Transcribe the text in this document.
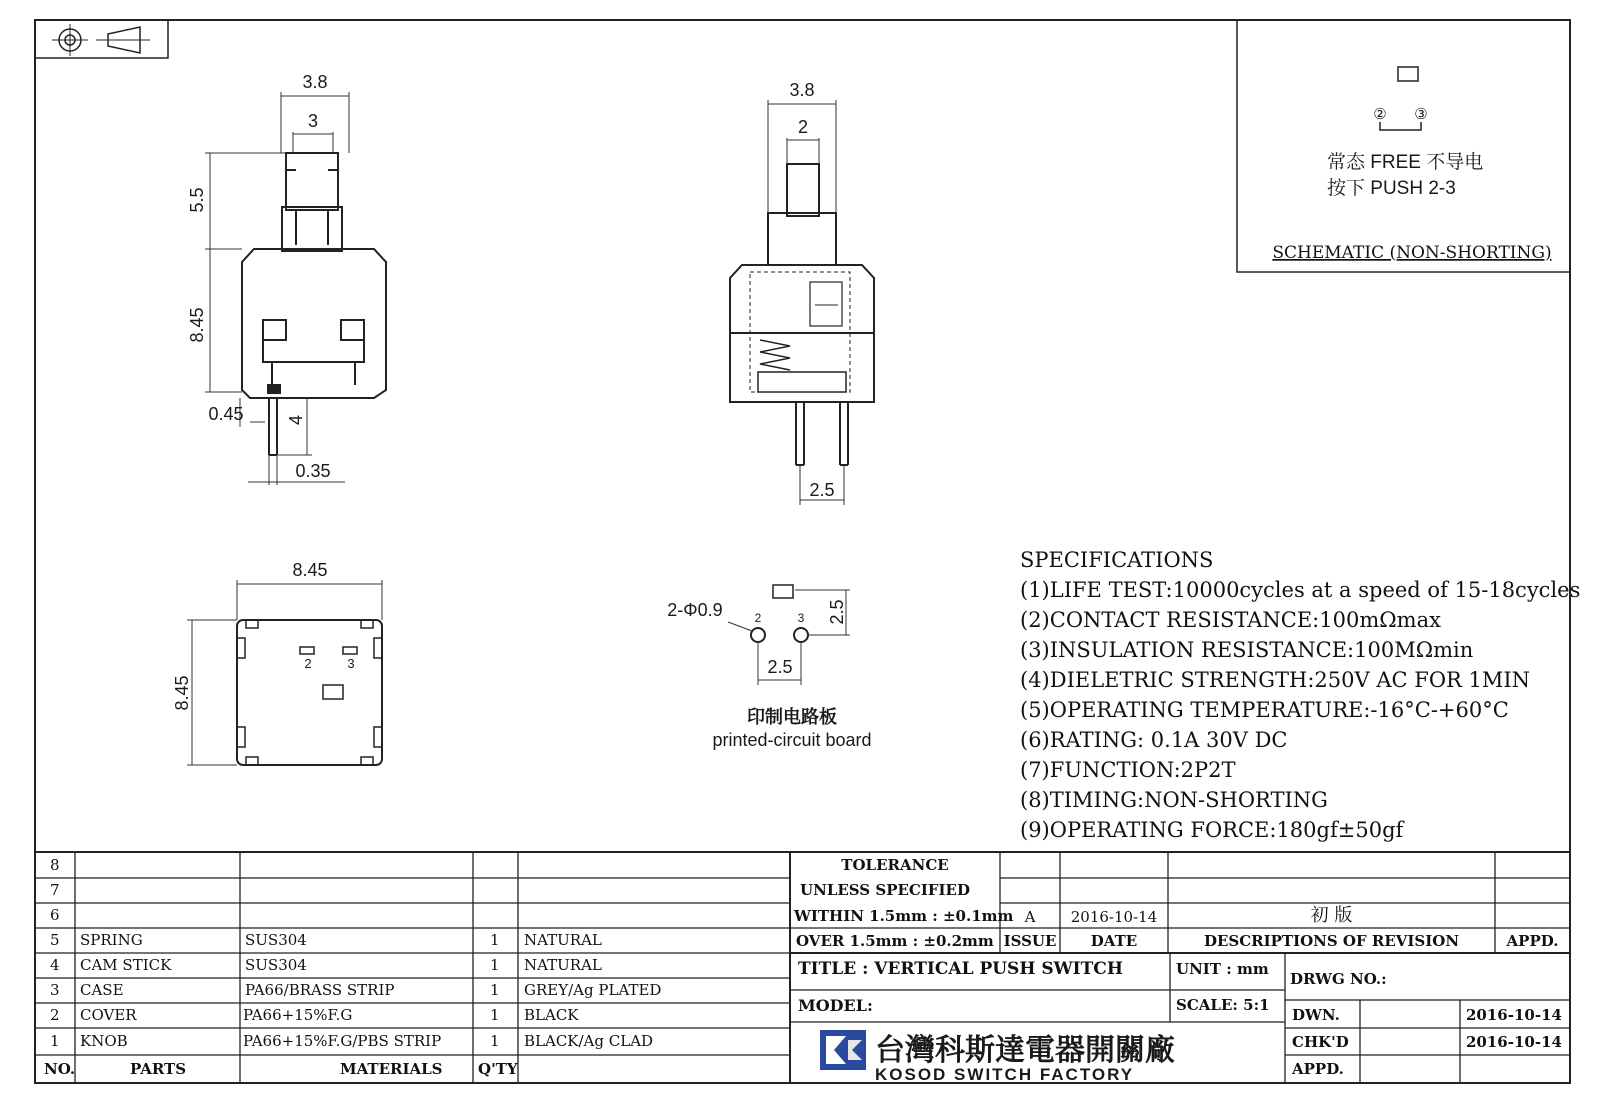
3.8
3
5.5
8.45
0.45 4
0.35
3.8
2
2.5
8.45
8.45
2	3
2-Φ0.9	2	3 2.5
2.5
印制电路板
printed-circuit board
② ③
常态 FREE 不导电
按下 PUSH 2-3
SCHEMATIC (NON-SHORTING)
台灣科斯達電器開關廠
KOSOD SWITCH FACTORY
SPECIFICATIONS
(1)LIFE TEST:10000cycles at a speed of 15-18cycles
(2)CONTACT RESISTANCE:100mΩmax
(3)INSULATION RESISTANCE:100MΩmin
(4)DIELETRIC STRENGTH:250V AC FOR 1MIN
(5)OPERATING TEMPERATURE:-16°C-+60°C
(6)RATING: 0.1A 30V DC
(7)FUNCTION:2P2T
(8)TIMING:NON-SHORTING
(9)OPERATING FORCE:180gf±50gf
8
7
6
5 SPRING	SUS304	1 NATURAL
4 CAM STICK	SUS304	1 NATURAL
3 CASE	PA66/BRASS STRIP	1 GREY/Ag PLATED
2 COVER	PA66+15%F.G	1 BLACK
1 KNOB	PA66+15%F.G/PBS STRIP	1 BLACK/Ag CLAD
NO.	PARTS	MATERIALS Q'TY
TOLERANCE
UNLESS SPECIFIED
WITHIN 1.5mm : ±0.1mm
OVER 1.5mm : ±0.2mm
A	2016-10-14	初 版
ISSUE	DATE	DESCRIPTIONS OF REVISION	APPD.
TITLE : VERTICAL PUSH SWITCH	UNIT : mm
DRWG NO.:
MODEL:	SCALE: 5:1
DWN.	2016-10-14
CHK'D	2016-10-14
APPD.
